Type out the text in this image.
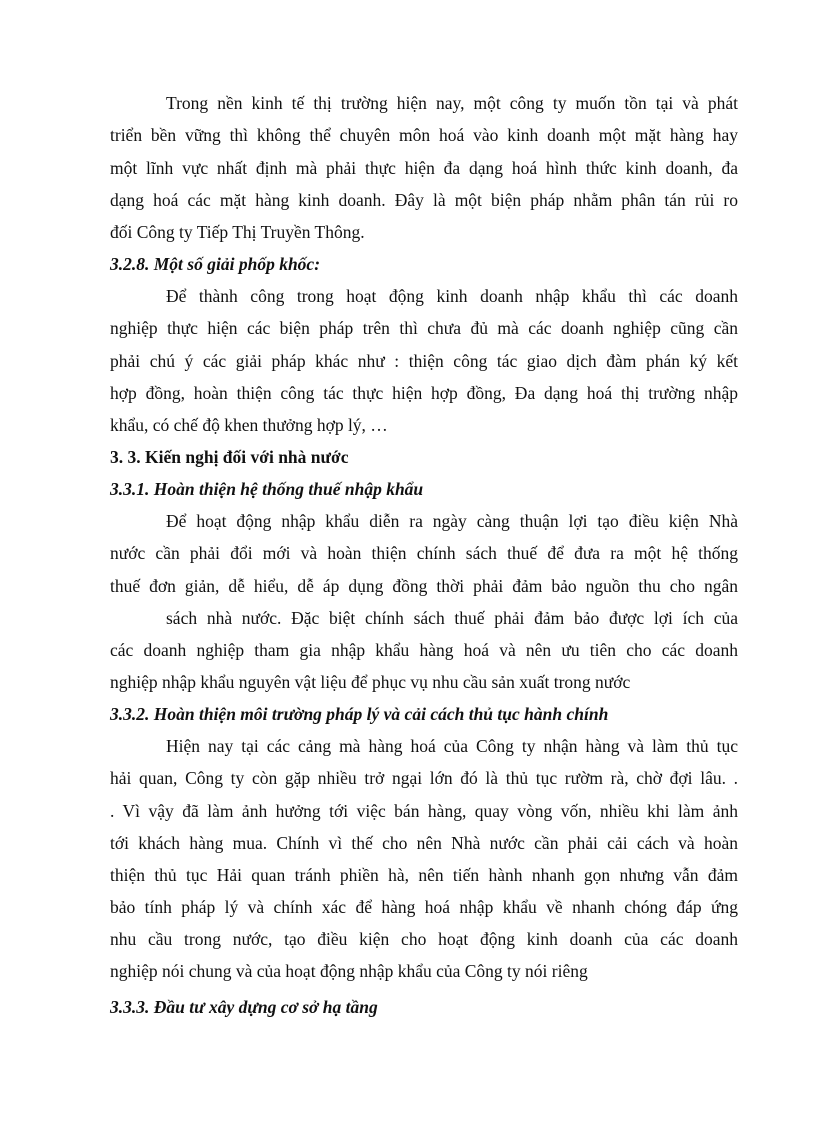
Trong nền kinh tế thị trường hiện nay, một công ty muốn tồn tại và phát
triển bền vững thì không thể chuyên môn hoá vào kinh doanh một mặt hàng hay
một lĩnh vực nhất định mà phải thực hiện đa dạng hoá hình thức kinh doanh, đa
dạng hoá các mặt hàng kinh doanh. Đây là một biện pháp nhằm phân tán rủi ro
đối Công ty Tiếp Thị Truyền Thông.
3.2.8. Một số giải phốp khốc:
Để thành công trong hoạt động kinh doanh nhập khẩu thì các doanh
nghiệp thực hiện các biện pháp trên thì chưa đủ mà các doanh nghiệp cũng cần
phải chú ý các giải pháp khác như : thiện công tác giao dịch đàm phán ký kết
hợp đồng, hoàn thiện công tác thực hiện hợp đồng, Đa dạng hoá thị trường nhập
khẩu, có chế độ khen thưởng hợp lý, …
3. 3. Kiến nghị đối với nhà nước
3.3.1. Hoàn thiện hệ thống thuế nhập khẩu
Để hoạt động nhập khẩu diễn ra ngày càng thuận lợi tạo điều kiện Nhà
nước cần phải đổi mới và hoàn thiện chính sách thuế để đưa ra một hệ thống
thuế đơn giản, dễ hiểu, dễ áp dụng đồng thời phải đảm bảo nguồn thu cho ngân
sách nhà nước. Đặc biệt chính sách thuế phải đảm bảo được lợi ích của
các doanh nghiệp tham gia nhập khẩu hàng hoá và nên ưu tiên cho các doanh
nghiệp nhập khẩu nguyên vật liệu để phục vụ nhu cầu sản xuất trong nước
3.3.2. Hoàn thiện môi trường pháp lý và cải cách thủ tục hành chính
Hiện nay tại các cảng mà hàng hoá của Công ty nhận hàng và làm thủ tục
hải quan, Công ty còn gặp nhiều trở ngại lớn đó là thủ tục rườm rà, chờ đợi lâu. .
. Vì vậy đã làm ảnh hưởng tới việc bán hàng, quay vòng vốn, nhiều khi làm ảnh
tới khách hàng mua. Chính vì thế cho nên Nhà nước cần phải cải cách và hoàn
thiện thủ tục Hải quan tránh phiền hà, nên tiến hành nhanh gọn nhưng vẫn đảm
bảo tính pháp lý và chính xác để hàng hoá nhập khẩu về nhanh chóng đáp ứng
nhu cầu trong nước, tạo điều kiện cho hoạt động kinh doanh của các doanh
nghiệp nói chung và của hoạt động nhập khẩu của Công ty nói riêng
3.3.3. Đầu tư xây dựng cơ sở hạ tầng
